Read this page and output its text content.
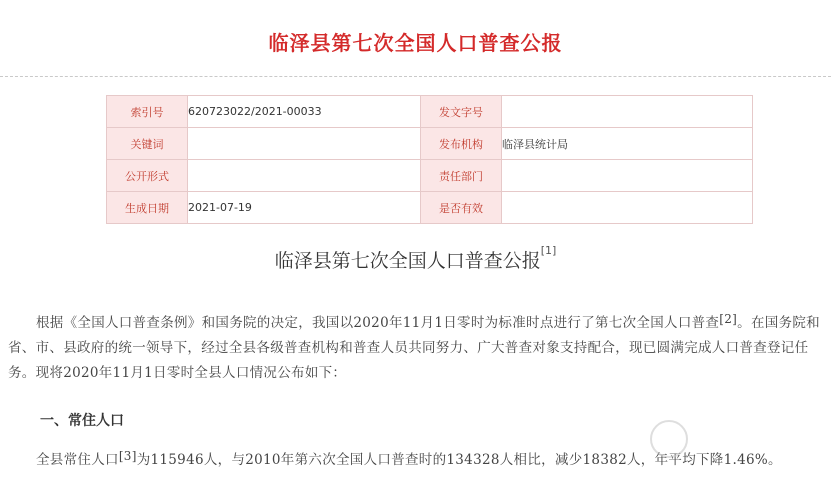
临泽县第七次全国人口普查公报
索引号	620723022/2021-00033	发文字号	
关键词		发布机构	临泽县统计局
公开形式		责任部门	
生成日期	2021-07-19	是否有效	
临泽县第七次全国人口普查公报[1]
根据《全国人口普查条例》和国务院的决定，我国以2020年11月1日零时为标准时点进行了第七次全国人口普查[2]。在国务院和省、市、县政府的统一领导下，经过全县各级普查机构和普查人员共同努力、广大普查对象支持配合，现已圆满完成人口普查登记任务。现将2020年11月1日零时全县人口情况公布如下：
一、常住人口
全县常住人口[3]为115946人，与2010年第六次全国人口普查时的134328人相比，减少18382人，年平均下降1.46%。
